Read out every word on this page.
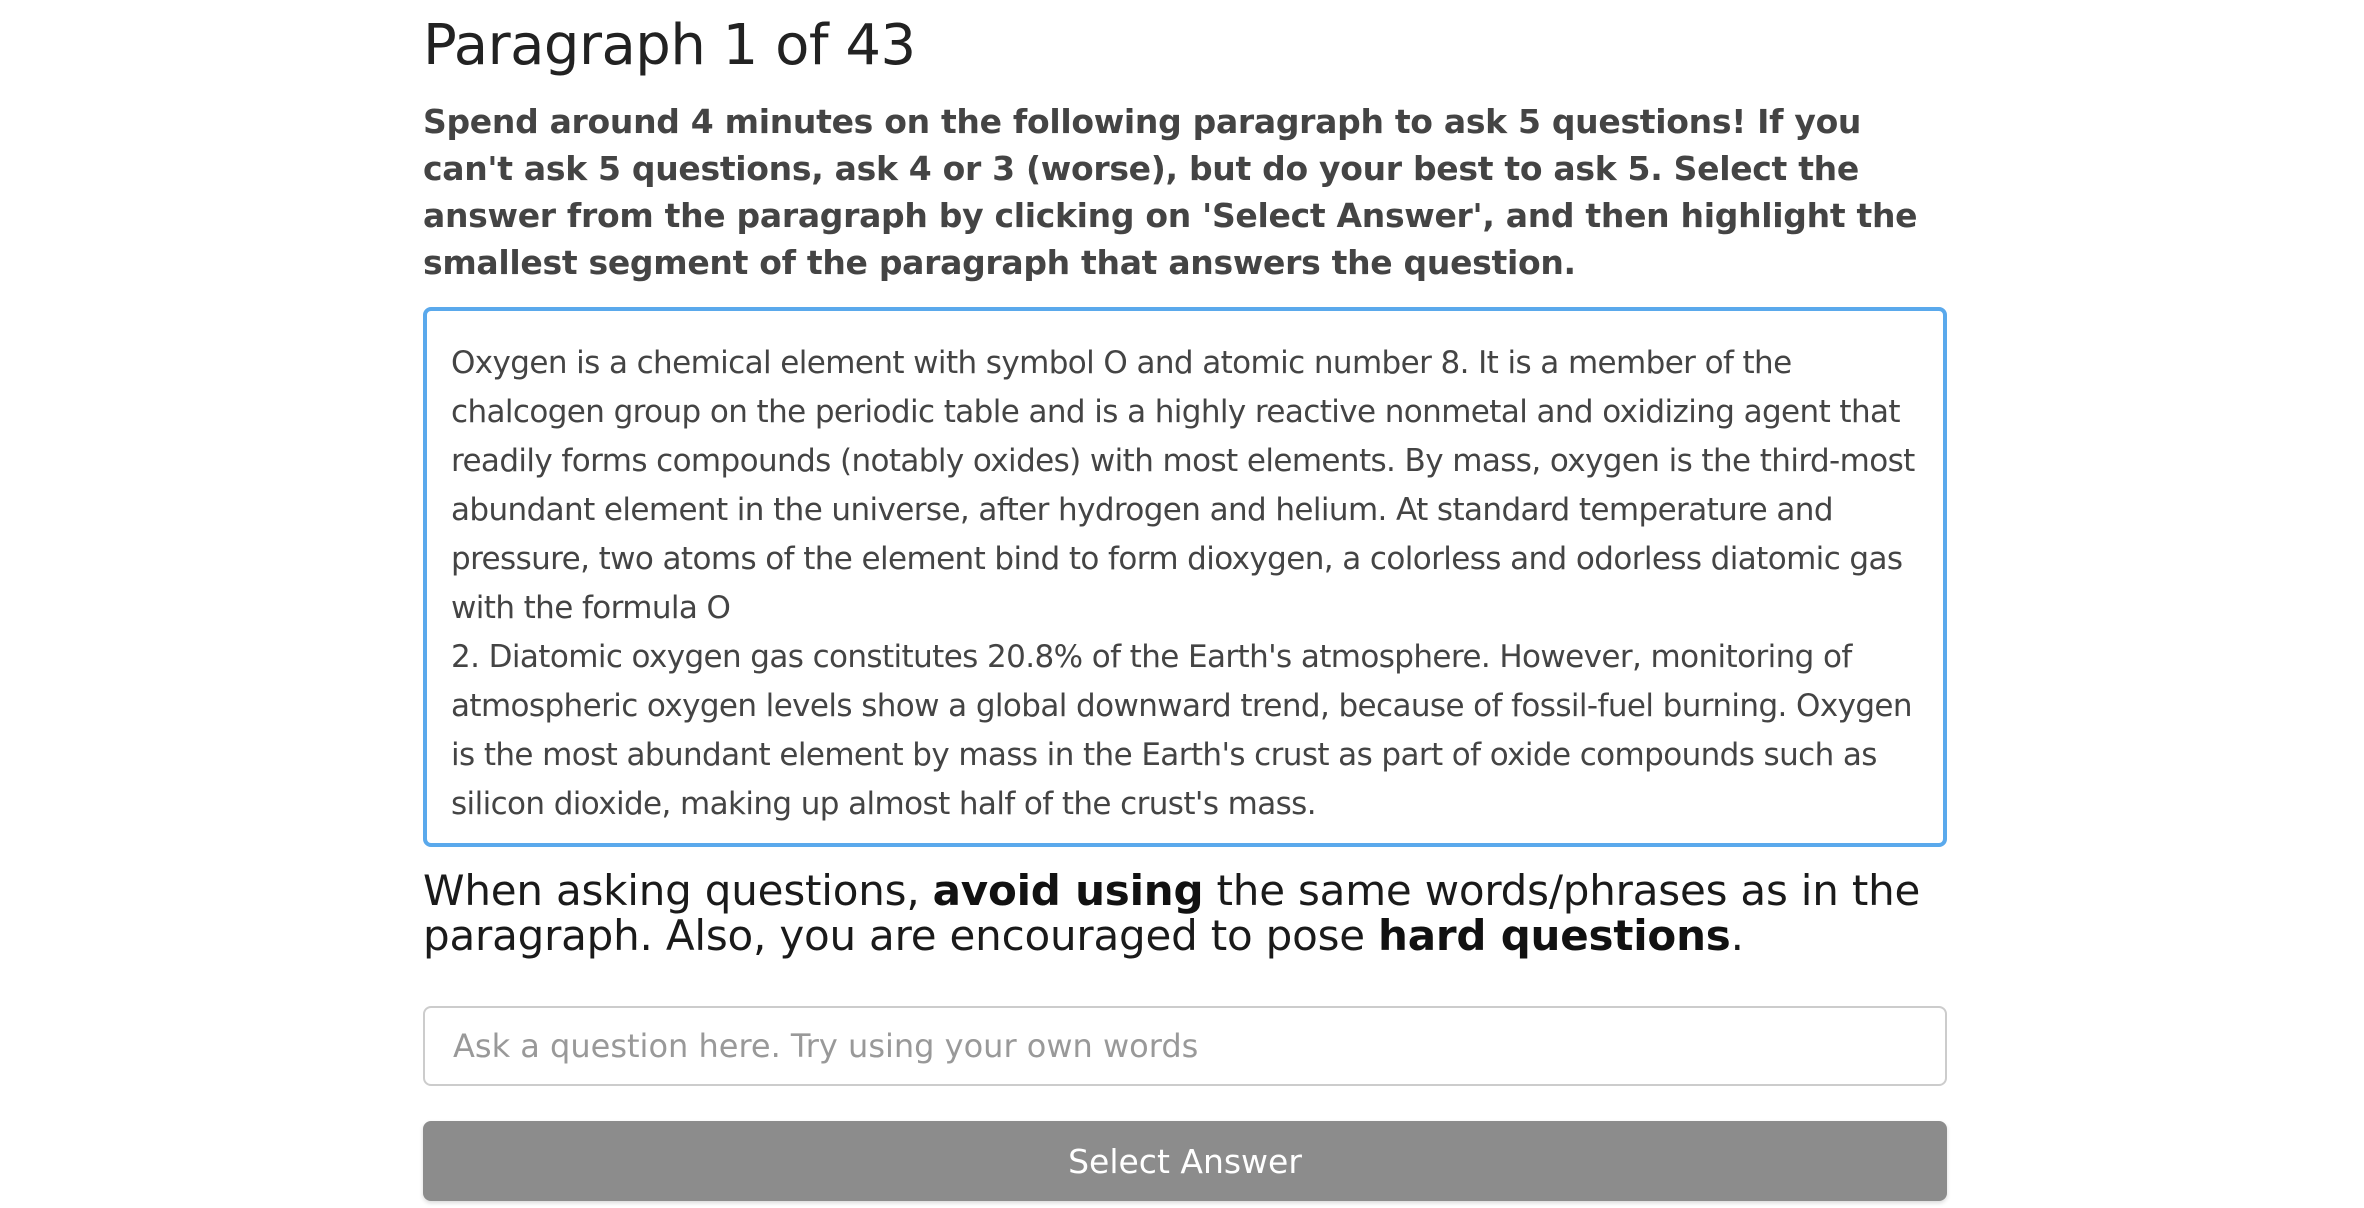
Paragraph 1 of 43

Spend around 4 minutes on the following paragraph to ask 5 questions! If you can't ask 5 questions, ask 4 or 3 (worse), but do your best to ask 5. Select the answer from the paragraph by clicking on 'Select Answer', and then highlight the smallest segment of the paragraph that answers the question.

Oxygen is a chemical element with symbol O and atomic number 8. It is a member of the chalcogen group on the periodic table and is a highly reactive nonmetal and oxidizing agent that readily forms compounds (notably oxides) with most elements. By mass, oxygen is the third-most abundant element in the universe, after hydrogen and helium. At standard temperature and pressure, two atoms of the element bind to form dioxygen, a colorless and odorless diatomic gas with the formula O
2. Diatomic oxygen gas constitutes 20.8% of the Earth's atmosphere. However, monitoring of atmospheric oxygen levels show a global downward trend, because of fossil-fuel burning. Oxygen is the most abundant element by mass in the Earth's crust as part of oxide compounds such as silicon dioxide, making up almost half of the crust's mass.
When asking questions, avoid using the same words/phrases as in the paragraph. Also, you are encouraged to pose hard questions.
Ask a question here. Try using your own words
Select Answer
